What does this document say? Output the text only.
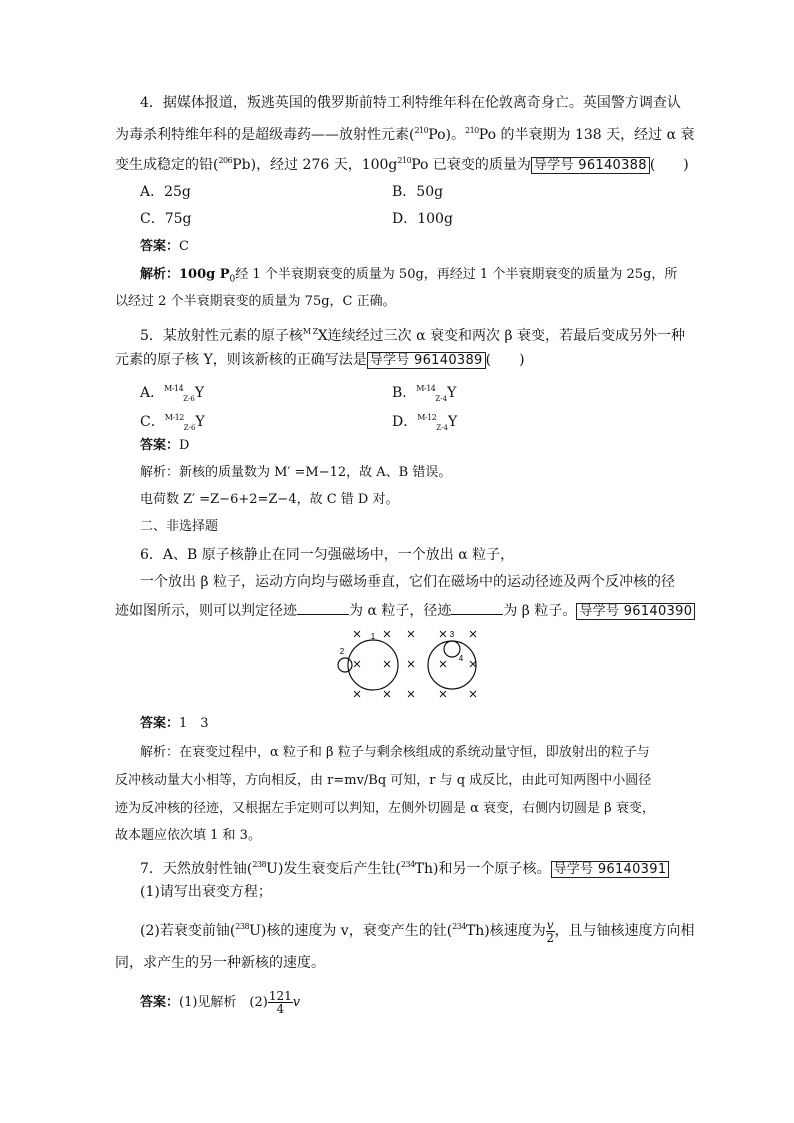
4．据媒体报道，叛逃英国的俄罗斯前特工利特维年科在伦敦离奇身亡。英国警方调查认
为毒杀利特维年科的是超级毒药——放射性元素($^{210}$Po)。$^{210}$Po 的半衰期为 138 天，经过 α 衰
变生成稳定的铅($^{206}$Pb)，经过 276 天，$100g^{210}Po$ 已衰变的质量为 导学号 96140388 (　　)
A．25g	B．50g
C．75g	D．100g
答案：C
解析：100g $P_0$经 1 个半衰期衰变的质量为 50g，再经过 1 个半衰期衰变的质量为 25g，所
以经过 2 个半衰期衰变的质量为 75g，C 正确。
5．某放射性元素的原子核$^{M Z}$X连续经过三次 α 衰变和两次 β 衰变，若最后变成另外一种
元素的原子核 Y，则该新核的正确写法是 导学号 96140389 (　　)
A．$^{M-14}_{Z-6}$Y	B．$^{M-14}_{Z-4}$Y
C．$^{M-12}_{Z-6}$Y	D．$^{M-12}_{Z-4}$Y
答案：D
解析：新核的质量数为 M′ =M−12，故 A、B 错误。
电荷数 Z′ =Z−6+2=Z−4，故 C 错 D 对。
二、非选择题
6．A、B 原子核静止在同一匀强磁场中，一个放出 α 粒子，
一个放出 β 粒子，运动方向均与磁场垂直，它们在磁场中的运动径迹及两个反冲核的径
迹如图所示，则可以判定径迹	为 α 粒子，径迹	为 β 粒子。 导学号 96140390
1
2
3
4
答案：1　3
解析：在衰变过程中，α 粒子和 β 粒子与剩余核组成的系统动量守恒，即放射出的粒子与
反冲核动量大小相等，方向相反，由 r=mv/Bq 可知，r 与 q 成反比，由此可知两图中小圆径
迹为反冲核的径迹，又根据左手定则可以判知，左侧外切圆是 α 衰变，右侧内切圆是 β 衰变，
故本题应依次填 1 和 3。
7．天然放射性铀($^{238}$U)发生衰变后产生钍($^{234}$Th)和另一个原子核。 导学号 96140391
(1)请写出衰变方程；
(2)若衰变前铀($^{238}$U)核的速度为 v，衰变产生的钍($^{234}$Th)核速度为 $\frac{v}{2}$ ，且与铀核速度方向相
同，求产生的另一种新核的速度。
答案：(1)见解析　$(2) \frac{121}{4}$ v
